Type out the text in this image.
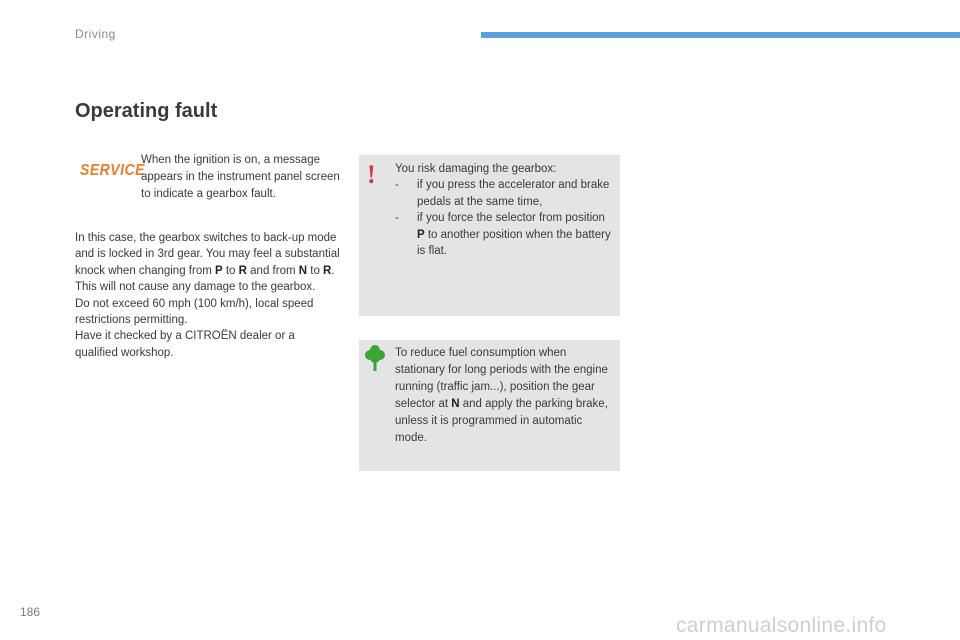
Driving
Operating fault
SERVICE
When the ignition is on, a message appears in the instrument panel screen to indicate a gearbox fault.

In this case, the gearbox switches to back-up mode and is locked in 3rd gear. You may feel a substantial knock when changing from P to R and from N to R. This will not cause any damage to the gearbox.

Do not exceed 60 mph (100 km/h), local speed restrictions permitting.

Have it checked by a CITROËN dealer or a qualified workshop.

! You risk damaging the gearbox:
- if you press the accelerator and brake pedals at the same time,
- if you force the selector from position P to another position when the battery is flat.
To reduce fuel consumption when stationary for long periods with the engine running (traffic jam...), position the gear selector at N and apply the parking brake, unless it is programmed in automatic mode.
186
carmanualsonline.info
